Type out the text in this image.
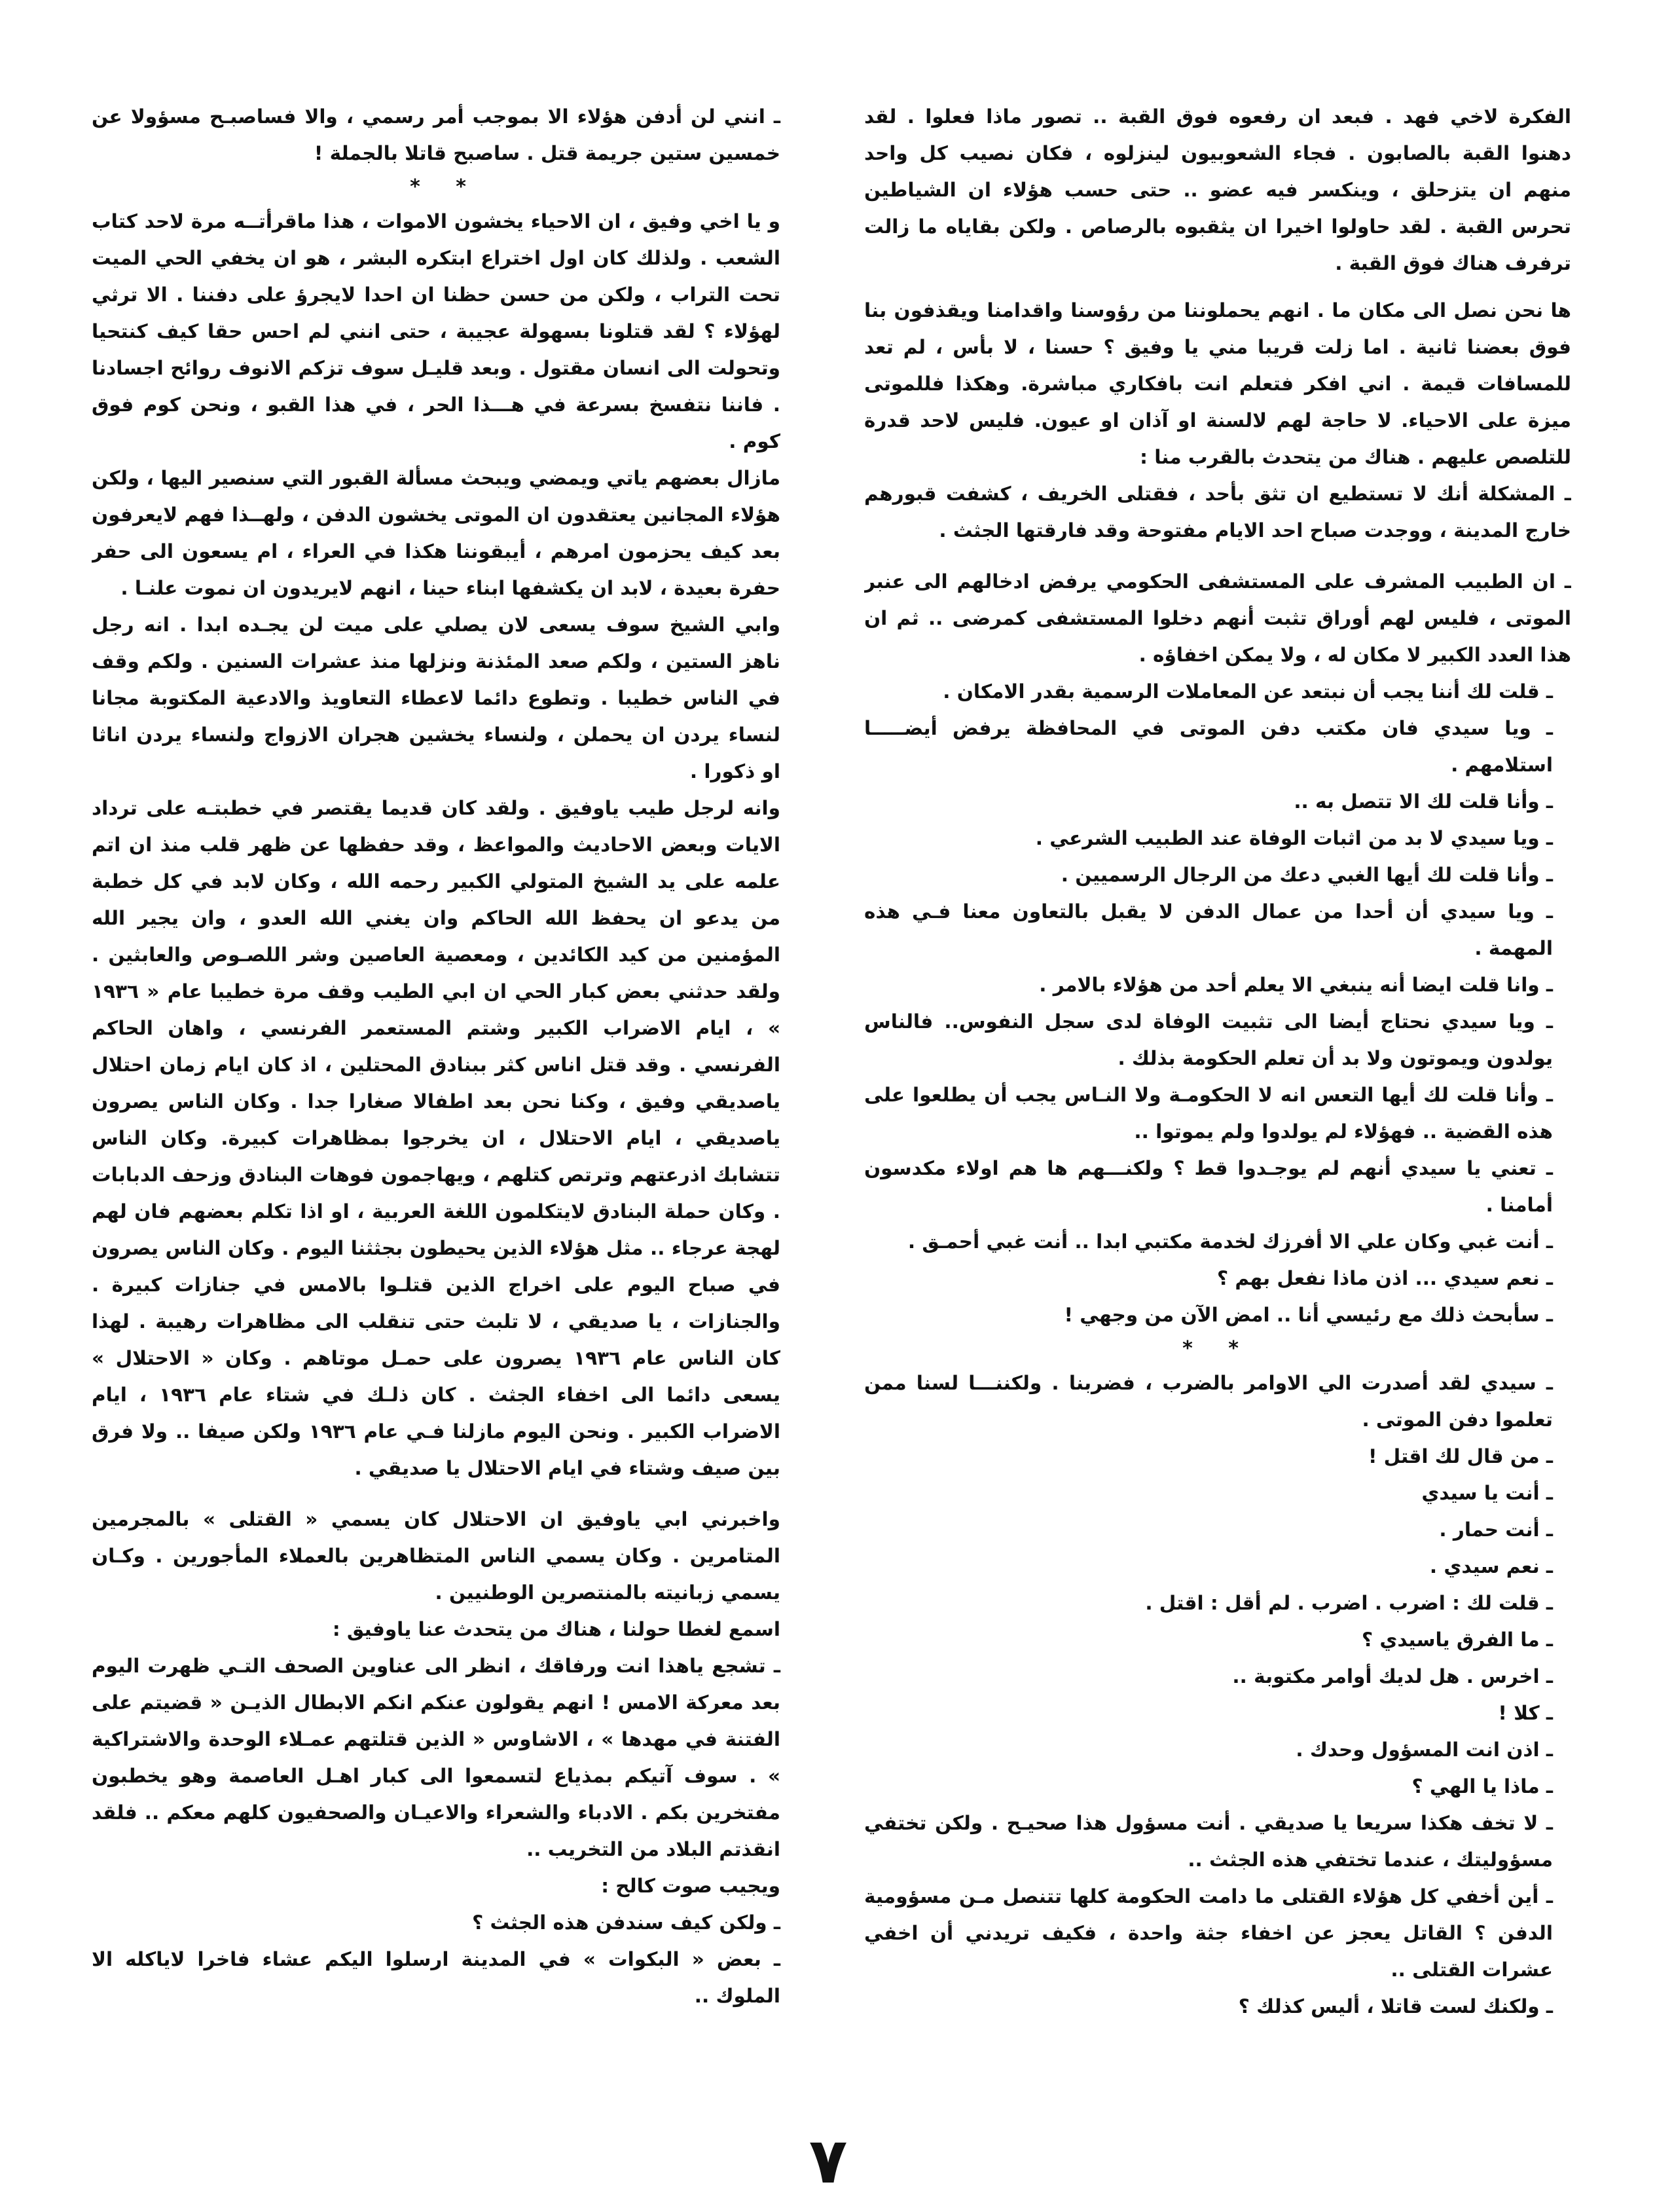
الفكرة لاخي فهد . فبعد ان رفعوه فوق القبة .. تصور ماذا فعلوا . لقد دهنوا القبة بالصابون . فجاء الشعوبيون لينزلوه ، فكان نصيب كل واحد منهم ان يتزحلق ، وينكسر فيه عضو .. حتى حسب هؤلاء ان الشياطين تحرس القبة . لقد حاولوا اخيرا ان يثقبوه بالرصاص . ولكن بقاياه ما زالت ترفرف هناك فوق القبة .

ها نحن نصل الى مكان ما . انهم يحملوننا من رؤوسنا واقدامنا ويقذفون بنا فوق بعضنا ثانية . اما زلت قريبا مني يا وفيق ؟ حسنا ، لا بأس ، لم تعد للمسافات قيمة . اني افكر فتعلم انت بافكاري مباشرة. وهكذا فللموتى ميزة على الاحياء. لا حاجة لهم لالسنة او آذان او عيون. فليس لاحد قدرة للتلصص عليهم . هناك من يتحدث بالقرب منا :

ـ المشكلة أنك لا تستطيع ان تثق بأحد ، فقتلى الخريف ، كشفت قبورهم خارج المدينة ، ووجدت صباح احد الايام مفتوحة وقد فارقتها الجثث .

ـ ان الطبيب المشرف على المستشفى الحكومي يرفض ادخالهم الى عنبر الموتى ، فليس لهم أوراق تثبت أنهم دخلوا المستشفى كمرضى .. ثم ان هذا العدد الكبير لا مكان له ، ولا يمكن اخفاؤه .

ـ قلت لك أننا يجب أن نبتعد عن المعاملات الرسمية بقدر الامكان .

ـ ويا سيدي فان مكتب دفن الموتى في المحافظة يرفض أيضـــــا استلامهم .

ـ وأنا قلت لك الا تتصل به ..

ـ ويا سيدي لا بد من اثبات الوفاة عند الطبيب الشرعي .

ـ وأنا قلت لك أيها الغبي دعك من الرجال الرسميين .

ـ ويا سيدي أن أحدا من عمال الدفن لا يقبل بالتعاون معنا فـي هذه المهمة .

ـ وانا قلت ايضا أنه ينبغي الا يعلم أحد من هؤلاء بالامر .

ـ ويا سيدي نحتاج أيضا الى تثبيت الوفاة لدى سجل النفوس.. فالناس يولدون ويموتون ولا بد أن تعلم الحكومة بذلك .

ـ وأنا قلت لك أيها التعس انه لا الحكومـة ولا النـاس يجب أن يطلعوا على هذه القضية .. فهؤلاء لم يولدوا ولم يموتوا ..

ـ تعني يا سيدي أنهم لم يوجـدوا قط ؟ ولكنـــهم ها هم اولاء مكدسون أمامنا .

ـ أنت غبي وكان علي الا أفرزك لخدمة مكتبي ابدا .. أنت غبي أحمـق .

ـ نعم سيدي ... اذن ماذا نفعل بهم ؟

ـ سأبحث ذلك مع رئيسي أنا .. امض الآن من وجهي !

* *

ـ سيدي لقد أصدرت الي الاوامر بالضرب ، فضربنا . ولكننـــا لسنا ممن تعلموا دفن الموتى .

ـ من قال لك اقتل !

ـ أنت يا سيدي

ـ أنت حمار .

ـ نعم سيدي .

ـ قلت لك : اضرب . اضرب . لم أقل : اقتل .

ـ ما الفرق ياسيدي ؟

ـ اخرس . هل لديك أوامر مكتوبة ..

ـ كلا !

ـ اذن انت المسؤول وحدك .

ـ ماذا يا الهي ؟

ـ لا تخف هكذا سريعا يا صديقي . أنت مسؤول هذا صحيـح . ولكن تختفي مسؤوليتك ، عندما تختفي هذه الجثث ..

ـ أين أخفي كل هؤلاء القتلى ما دامت الحكومة كلها تتنصل مـن مسؤومية الدفن ؟ القاتل يعجز عن اخفاء جثة واحدة ، فكيف تريدني أن اخفي عشرات القتلى ..

ـ ولكنك لست قاتلا ، أليس كذلك ؟

ـ انني لن أدفن هؤلاء الا بموجب أمر رسمي ، والا فساصبـح مسؤولا عن خمسين ستين جريمة قتل . ساصبح قاتلا بالجملة !

* *

و يا اخي وفيق ، ان الاحياء يخشون الاموات ، هذا ماقرأتــه مرة لاحد كتاب الشعب . ولذلك كان اول اختراع ابتكره البشر ، هو ان يخفي الحي الميت تحت التراب ، ولكن من حسن حظنا ان احدا لايجرؤ على دفننا . الا ترثي لهؤلاء ؟ لقد قتلونا بسهولة عجيبة ، حتى انني لم احس حقا كيف كنتحيا وتحولت الى انسان مقتول . وبعد قليـل سوف تزكم الانوف روائح اجسادنا . فاننا نتفسخ بسرعة في هـــذا الحر ، في هذا القبو ، ونحن كوم فوق كوم .

مازال بعضهم ياتي ويمضي ويبحث مسألة القبور التي سنصير اليها ، ولكن هؤلاء المجانين يعتقدون ان الموتى يخشون الدفن ، ولهــذا فهم لايعرفون بعد كيف يحزمون امرهم ، أيبقوننا هكذا في العراء ، ام يسعون الى حفر حفرة بعيدة ، لابد ان يكشفها ابناء حينا ، انهم لايريدون ان نموت علنـا .

وابي الشيخ سوف يسعى لان يصلي على ميت لن يجـده ابدا . انه رجل ناهز الستين ، ولكم صعد المئذنة ونزلها منذ عشرات السنين . ولكم وقف في الناس خطيبا . وتطوع دائما لاعطاء التعاويذ والادعية المكتوبة مجانا لنساء يردن ان يحملن ، ولنساء يخشين هجران الازواج ولنساء يردن اناثا او ذكورا .

وانه لرجل طيب ياوفيق . ولقد كان قديما يقتصر في خطبتـه على ترداد الايات وبعض الاحاديث والمواعظ ، وقد حفظها عن ظهر قلب منذ ان اتم علمه على يد الشيخ المتولي الكبير رحمه الله ، وكان لابد في كل خطبة من يدعو ان يحفظ الله الحاكم وان يغني الله العدو ، وان يجير الله المؤمنين من كيد الكائدين ، ومعصية العاصين وشر اللصـوص والعابثين . ولقد حدثني بعض كبار الحي ان ابي الطيب وقف مرة خطيبا عام « ١٩٣٦ » ، ايام الاضراب الكبير وشتم المستعمر الفرنسي ، واهان الحاكم الفرنسي . وقد قتل اناس كثر ببنادق المحتلين ، اذ كان ايام زمان احتلال ياصديقي وفيق ، وكنا نحن بعد اطفالا صغارا جدا . وكان الناس يصرون ياصديقي ، ايام الاحتلال ، ان يخرجوا بمظاهرات كبيرة. وكان الناس تتشابك اذرعتهم وترتص كتلهم ، ويهاجمون فوهات البنادق وزحف الدبابات . وكان حملة البنادق لايتكلمون اللغة العربية ، او اذا تكلم بعضهم فان لهم لهجة عرجاء .. مثل هؤلاء الذين يحيطون بجثثنا اليوم . وكان الناس يصرون في صباح اليوم على اخراج الذين قتلـوا بالامس في جنازات كبيرة . والجنازات ، يا صديقي ، لا تلبث حتى تنقلب الى مظاهرات رهيبة . لهذا كان الناس عام ١٩٣٦ يصرون على حمـل موتاهم . وكان « الاحتلال » يسعى دائما الى اخفاء الجثث . كان ذلـك في شتاء عام ١٩٣٦ ، ايام الاضراب الكبير . ونحن اليوم مازلنا فـي عام ١٩٣٦ ولكن صيفا .. ولا فرق بين صيف وشتاء في ايام الاحتلال يا صديقي .

واخبرني ابي ياوفيق ان الاحتلال كان يسمي « القتلى » بالمجرمين المتامرين . وكان يسمي الناس المتظاهرين بالعملاء المأجورين . وكـان يسمي زبانيته بالمنتصرين الوطنيين .

اسمع لغطا حولنا ، هناك من يتحدث عنا ياوفيق :

ـ تشجع ياهذا انت ورفاقك ، انظر الى عناوين الصحف التـي ظهرت اليوم بعد معركة الامس ! انهم يقولون عنكم انكم الابطال الذيـن « قضيتم على الفتنة في مهدها » ، الاشاوس « الذين قتلتهم عمـلاء الوحدة والاشتراكية » . سوف آتيكم بمذياع لتسمعوا الى كبار اهـل العاصمة وهو يخطبون مفتخرين بكم . الادباء والشعراء والاعيـان والصحفيون كلهم معكم .. فلقد انقذتم البلاد من التخريب ..

ويجيب صوت كالح :

ـ ولكن كيف سندفن هذه الجثث ؟

ـ بعض « البكوات » في المدينة ارسلوا اليكم عشاء فاخرا لاياكله الا الملوك ..

٧
